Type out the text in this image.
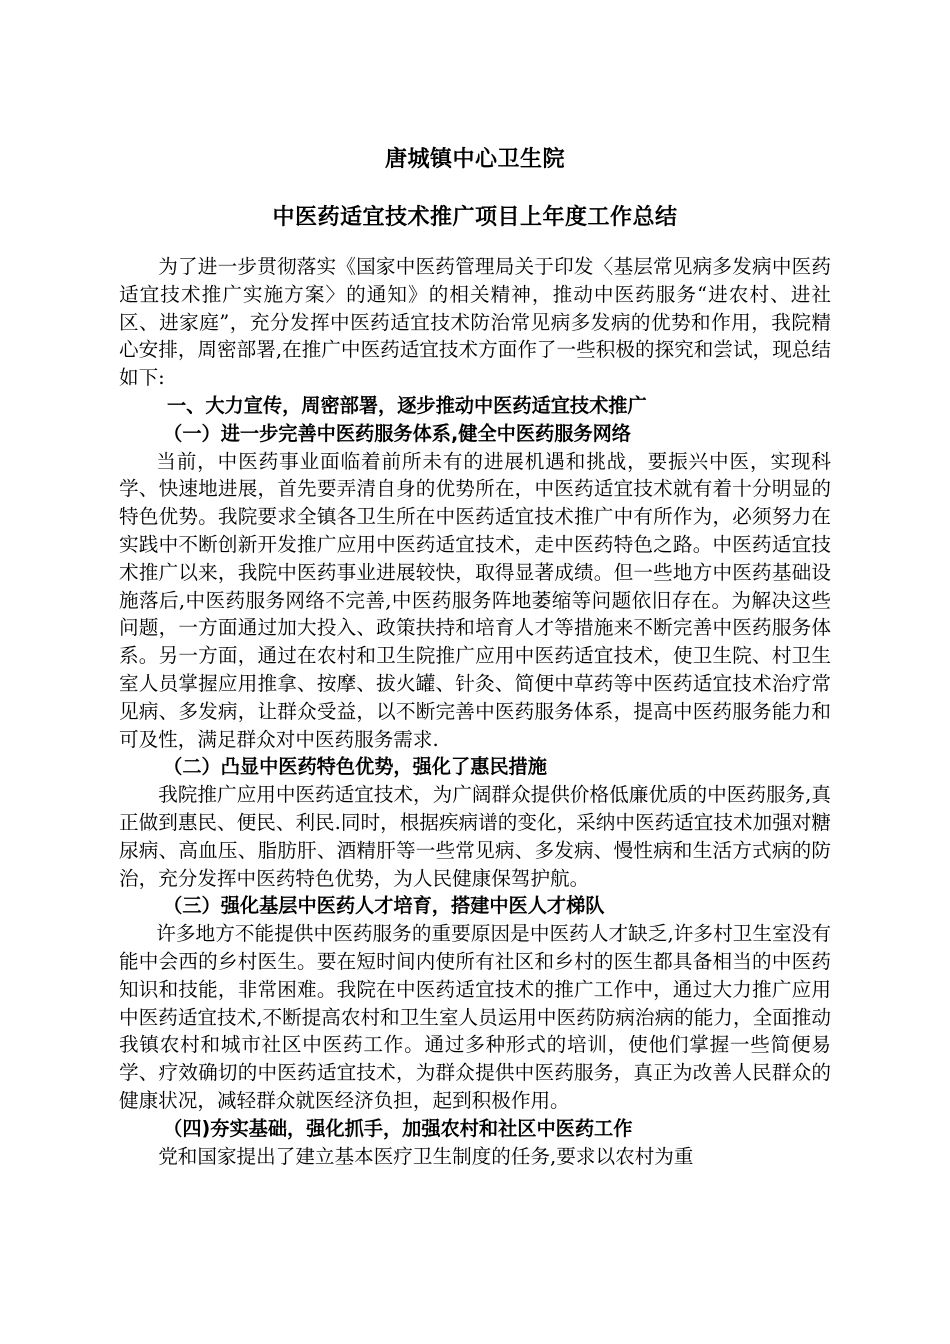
唐城镇中心卫生院
中医药适宜技术推广项目上年度工作总结

为了进一步贯彻落实《国家中医药管理局关于印发〈基层常见病多发病中医药适宜技术推广实施方案〉的通知》的相关精神，推动中医药服务“进农村、进社区、进家庭”，充分发挥中医药适宜技术防治常见病多发病的优势和作用，我院精心安排，周密部署,在推广中医药适宜技术方面作了一些积极的探究和尝试，现总结如下:

一、大力宣传，周密部署，逐步推动中医药适宜技术推广

（一）进一步完善中医药服务体系,健全中医药服务网络

当前，中医药事业面临着前所未有的进展机遇和挑战，要振兴中医，实现科学、快速地进展，首先要弄清自身的优势所在，中医药适宜技术就有着十分明显的特色优势。我院要求全镇各卫生所在中医药适宜技术推广中有所作为，必须努力在实践中不断创新开发推广应用中医药适宜技术，走中医药特色之路。中医药适宜技术推广以来，我院中医药事业进展较快，取得显著成绩。但一些地方中医药基础设施落后,中医药服务网络不完善,中医药服务阵地萎缩等问题依旧存在。为解决这些问题，一方面通过加大投入、政策扶持和培育人才等措施来不断完善中医药服务体系。另一方面，通过在农村和卫生院推广应用中医药适宜技术，使卫生院、村卫生室人员掌握应用推拿、按摩、拔火罐、针灸、简便中草药等中医药适宜技术治疗常见病、多发病，让群众受益，以不断完善中医药服务体系，提高中医药服务能力和可及性，满足群众对中医药服务需求.

（二）凸显中医药特色优势，强化了惠民措施

我院推广应用中医药适宜技术，为广阔群众提供价格低廉优质的中医药服务,真正做到惠民、便民、利民.同时，根据疾病谱的变化，采纳中医药适宜技术加强对糖尿病、高血压、脂肪肝、酒精肝等一些常见病、多发病、慢性病和生活方式病的防治，充分发挥中医药特色优势，为人民健康保驾护航。

（三）强化基层中医药人才培育，搭建中医人才梯队

许多地方不能提供中医药服务的重要原因是中医药人才缺乏,许多村卫生室没有能中会西的乡村医生。要在短时间内使所有社区和乡村的医生都具备相当的中医药知识和技能，非常困难。我院在中医药适宜技术的推广工作中，通过大力推广应用中医药适宜技术,不断提高农村和卫生室人员运用中医药防病治病的能力，全面推动我镇农村和城市社区中医药工作。通过多种形式的培训，使他们掌握一些简便易学、疗效确切的中医药适宜技术，为群众提供中医药服务，真正为改善人民群众的健康状况，减轻群众就医经济负担，起到积极作用。

（四)夯实基础，强化抓手，加强农村和社区中医药工作

党和国家提出了建立基本医疗卫生制度的任务,要求以农村为重
